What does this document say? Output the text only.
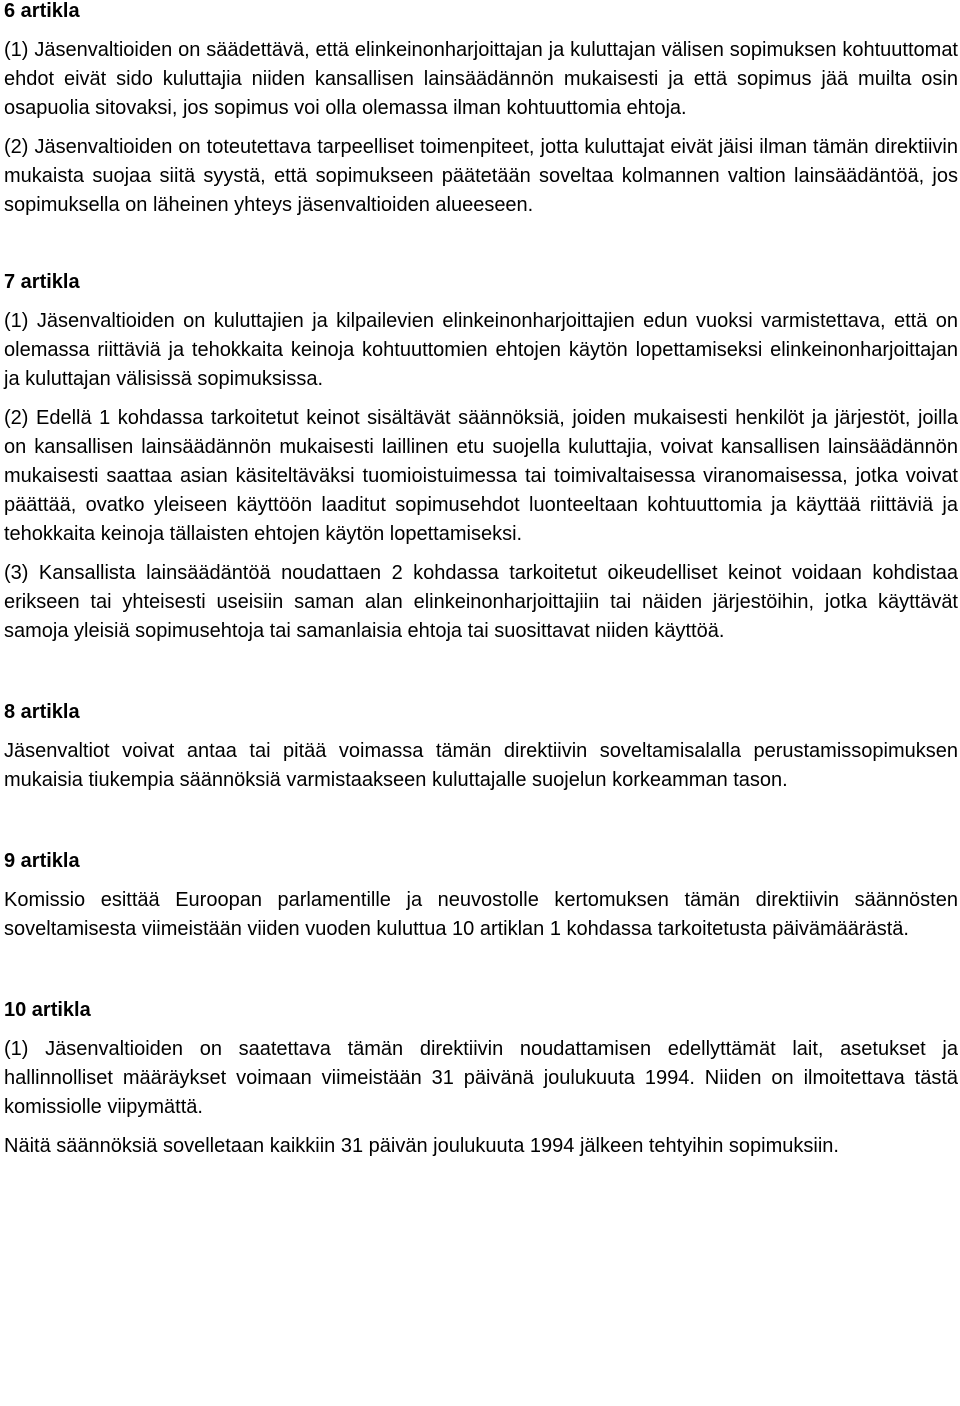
6 artikla

(1) Jäsenvaltioiden on säädettävä, että elinkeinonharjoittajan ja kuluttajan välisen sopimuksen kohtuuttomat ehdot eivät sido kuluttajia niiden kansallisen lainsäädännön mukaisesti ja että sopimus jää muilta osin osapuolia sitovaksi, jos sopimus voi olla olemassa ilman kohtuuttomia ehtoja.

(2) Jäsenvaltioiden on toteutettava tarpeelliset toimenpiteet, jotta kuluttajat eivät jäisi ilman tämän direktiivin mukaista suojaa siitä syystä, että sopimukseen päätetään soveltaa kolmannen valtion lainsäädäntöä, jos sopimuksella on läheinen yhteys jäsenvaltioiden alueeseen.

7 artikla

(1) Jäsenvaltioiden on kuluttajien ja kilpailevien elinkeinonharjoittajien edun vuoksi varmistettava, että on olemassa riittäviä ja tehokkaita keinoja kohtuuttomien ehtojen käytön lopettamiseksi elinkeinonharjoittajan ja kuluttajan välisissä sopimuksissa.

(2) Edellä 1 kohdassa tarkoitetut keinot sisältävät säännöksiä, joiden mukaisesti henkilöt ja järjestöt, joilla on kansallisen lainsäädännön mukaisesti laillinen etu suojella kuluttajia, voivat kansallisen lainsäädännön mukaisesti saattaa asian käsiteltäväksi tuomioistuimessa tai toimivaltaisessa viranomaisessa, jotka voivat päättää, ovatko yleiseen käyttöön laaditut sopimusehdot luonteeltaan kohtuuttomia ja käyttää riittäviä ja tehokkaita keinoja tällaisten ehtojen käytön lopettamiseksi.

(3) Kansallista lainsäädäntöä noudattaen 2 kohdassa tarkoitetut oikeudelliset keinot voidaan kohdistaa erikseen tai yhteisesti useisiin saman alan elinkeinonharjoittajiin tai näiden järjestöihin, jotka käyttävät samoja yleisiä sopimusehtoja tai samanlaisia ehtoja tai suosittavat niiden käyttöä.

8 artikla

Jäsenvaltiot voivat antaa tai pitää voimassa tämän direktiivin soveltamisalalla perustamissopimuksen mukaisia tiukempia säännöksiä varmistaakseen kuluttajalle suojelun korkeamman tason.

9 artikla

Komissio esittää Euroopan parlamentille ja neuvostolle kertomuksen tämän direktiivin säännösten soveltamisesta viimeistään viiden vuoden kuluttua 10 artiklan 1 kohdassa tarkoitetusta päivämäärästä.

10 artikla

(1) Jäsenvaltioiden on saatettava tämän direktiivin noudattamisen edellyttämät lait, asetukset ja hallinnolliset määräykset voimaan viimeistään 31 päivänä joulukuuta 1994. Niiden on ilmoitettava tästä komissiolle viipymättä.

Näitä säännöksiä sovelletaan kaikkiin 31 päivän joulukuuta 1994 jälkeen tehtyihin sopimuksiin.
